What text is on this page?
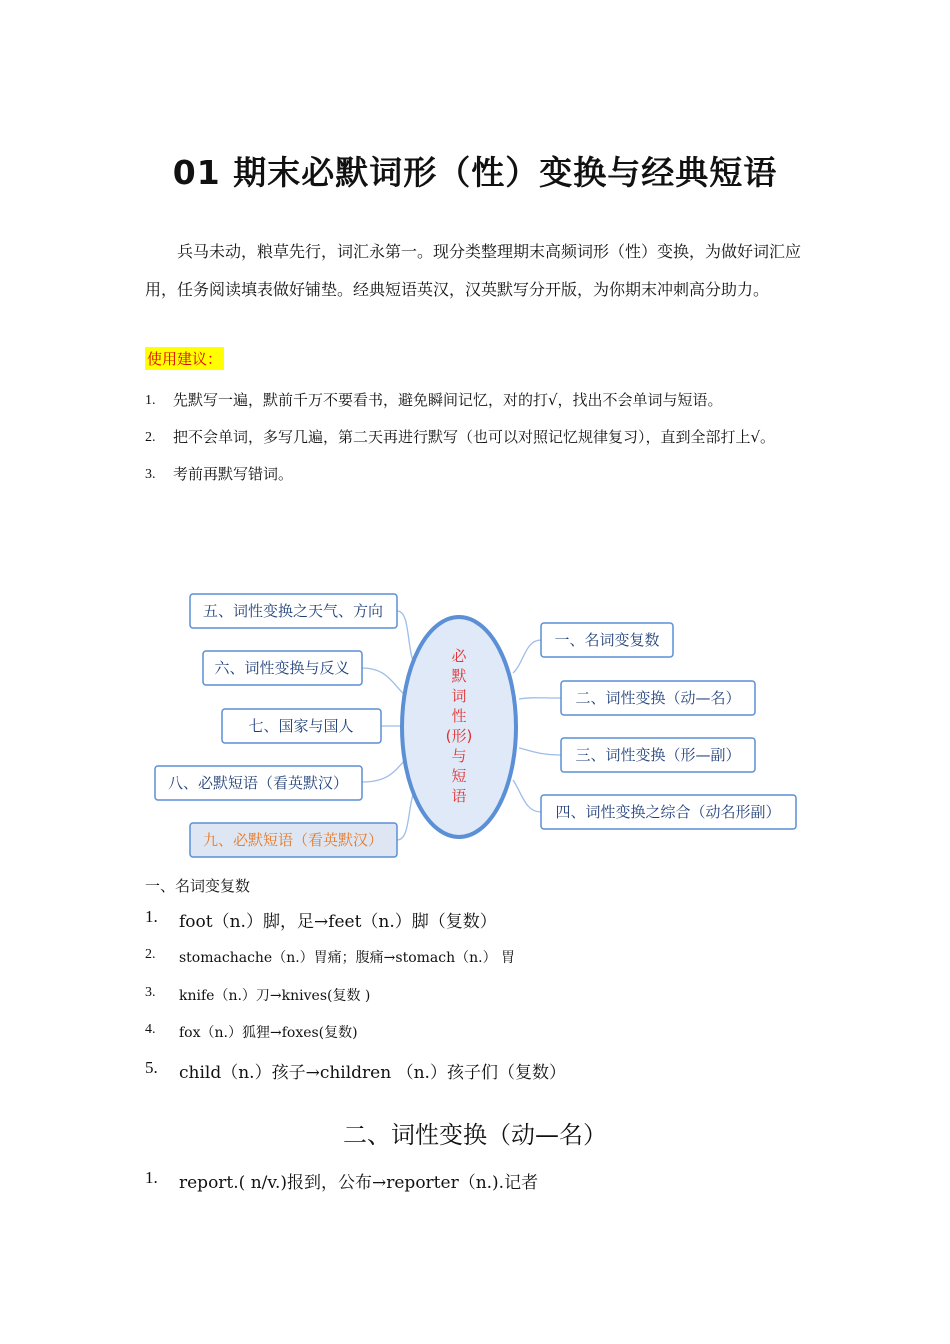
01 期末必默词形（性）变换与经典短语

兵马未动，粮草先行，词汇永第一。现分类整理期末高频词形（性）变换，为做好词汇应用，任务阅读填表做好铺垫。经典短语英汉，汉英默写分开版，为你期末冲刺高分助力。

使用建议：
1.	先默写一遍，默前千万不要看书，避免瞬间记忆，对的打√，找出不会单词与短语。
2.	把不会单词，多写几遍，第二天再进行默写（也可以对照记忆规律复习），直到全部打上√。
3.	考前再默写错词。
必
默
词
性
(形)
与
短
语
五、词性变换之天气、方向
六、词性变换与反义
七、国家与国人
八、必默短语（看英默汉）
九、必默短语（看英默汉）
一、名词变复数
二、词性变换（动—名）
三、词性变换（形—副）
四、词性变换之综合（动名形副）
一、名词变复数
1.	foot（n.）脚，足→feet（n.）脚（复数）
2.	stomachache（n.）胃痛；腹痛→stomach（n.） 胃
3.	knife（n.）刀→knives(复数 )
4.	fox（n.）狐狸→foxes(复数)
5.	child（n.）孩子→children （n.）孩子们（复数）
二、词性变换（动—名）
1.	report.( n/v.)报到，公布→reporter（n.).记者
